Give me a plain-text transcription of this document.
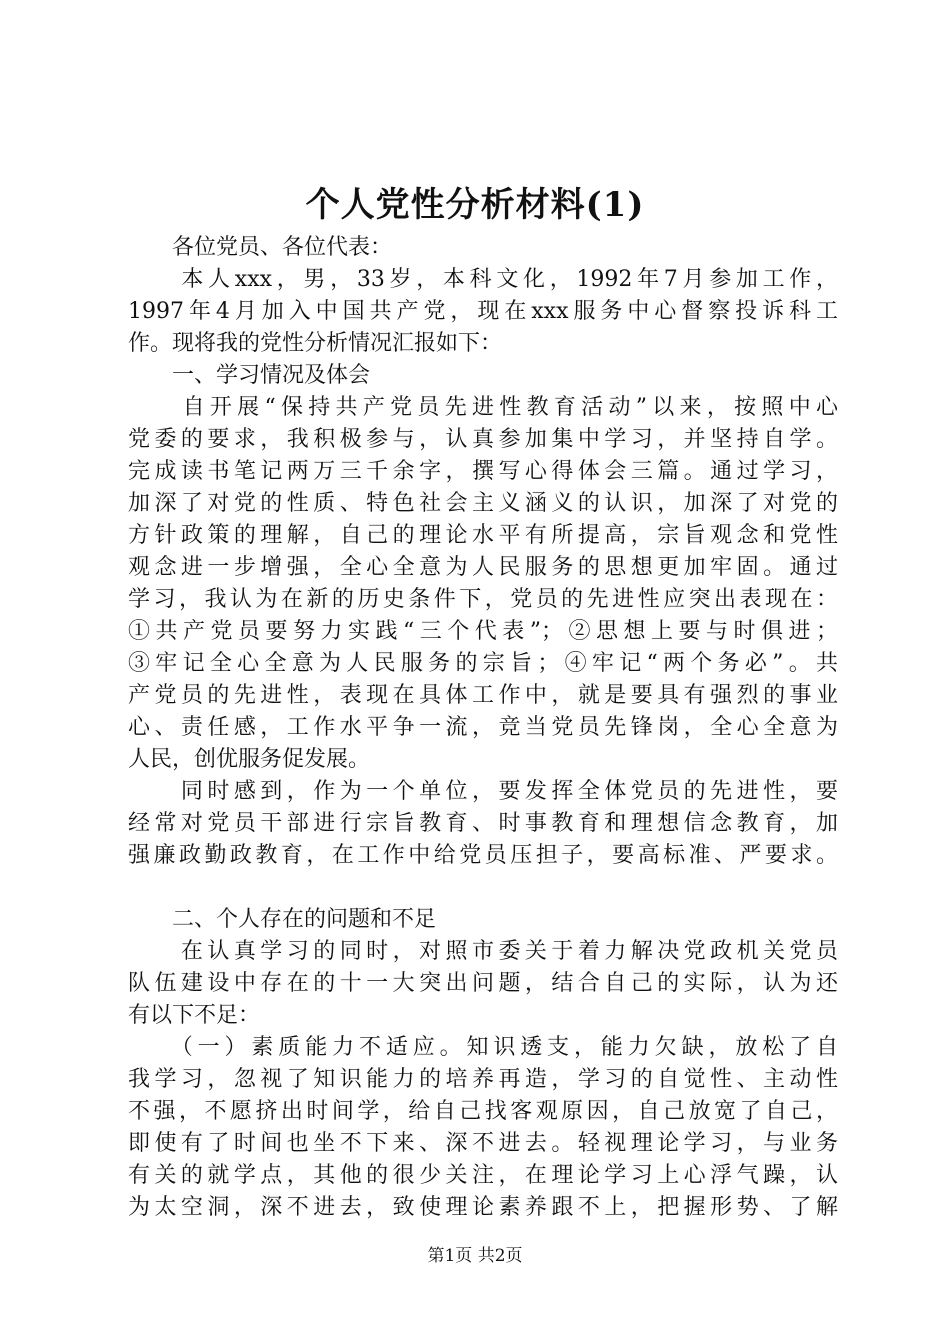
个人党性分析材料(1)
　　各位党员、各位代表：
　　本人xxx，男，33岁，本科文化，1992年7月参加工作，
1997年4月加入中国共产党，现在xxx服务中心督察投诉科工
作。现将我的党性分析情况汇报如下：
　　一、学习情况及体会
　　自开展“保持共产党员先进性教育活动”以来，按照中心
党委的要求，我积极参与，认真参加集中学习，并坚持自学。
完成读书笔记两万三千余字，撰写心得体会三篇。通过学习，
加深了对党的性质、特色社会主义涵义的认识，加深了对党的
方针政策的理解，自己的理论水平有所提高，宗旨观念和党性
观念进一步增强，全心全意为人民服务的思想更加牢固。通过
学习，我认为在新的历史条件下，党员的先进性应突出表现在：
①共产党员要努力实践“三个代表”；②思想上要与时俱进；
③牢记全心全意为人民服务的宗旨；④牢记“两个务必”。共
产党员的先进性，表现在具体工作中，就是要具有强烈的事业
心、责任感，工作水平争一流，竞当党员先锋岗，全心全意为
人民，创优服务促发展。
　　同时感到，作为一个单位，要发挥全体党员的先进性，要
经常对党员干部进行宗旨教育、时事教育和理想信念教育，加
强廉政勤政教育，在工作中给党员压担子，要高标准、严要求。
　　二、个人存在的问题和不足
　　在认真学习的同时，对照市委关于着力解决党政机关党员
队伍建设中存在的十一大突出问题，结合自己的实际，认为还
有以下不足：
　　（一）素质能力不适应。知识透支，能力欠缺，放松了自
我学习，忽视了知识能力的培养再造，学习的自觉性、主动性
不强，不愿挤出时间学，给自己找客观原因，自己放宽了自己，
即使有了时间也坐不下来、深不进去。轻视理论学习，与业务
有关的就学点，其他的很少关注，在理论学习上心浮气躁，认
为太空洞，深不进去，致使理论素养跟不上，把握形势、了解
第1页 共2页
